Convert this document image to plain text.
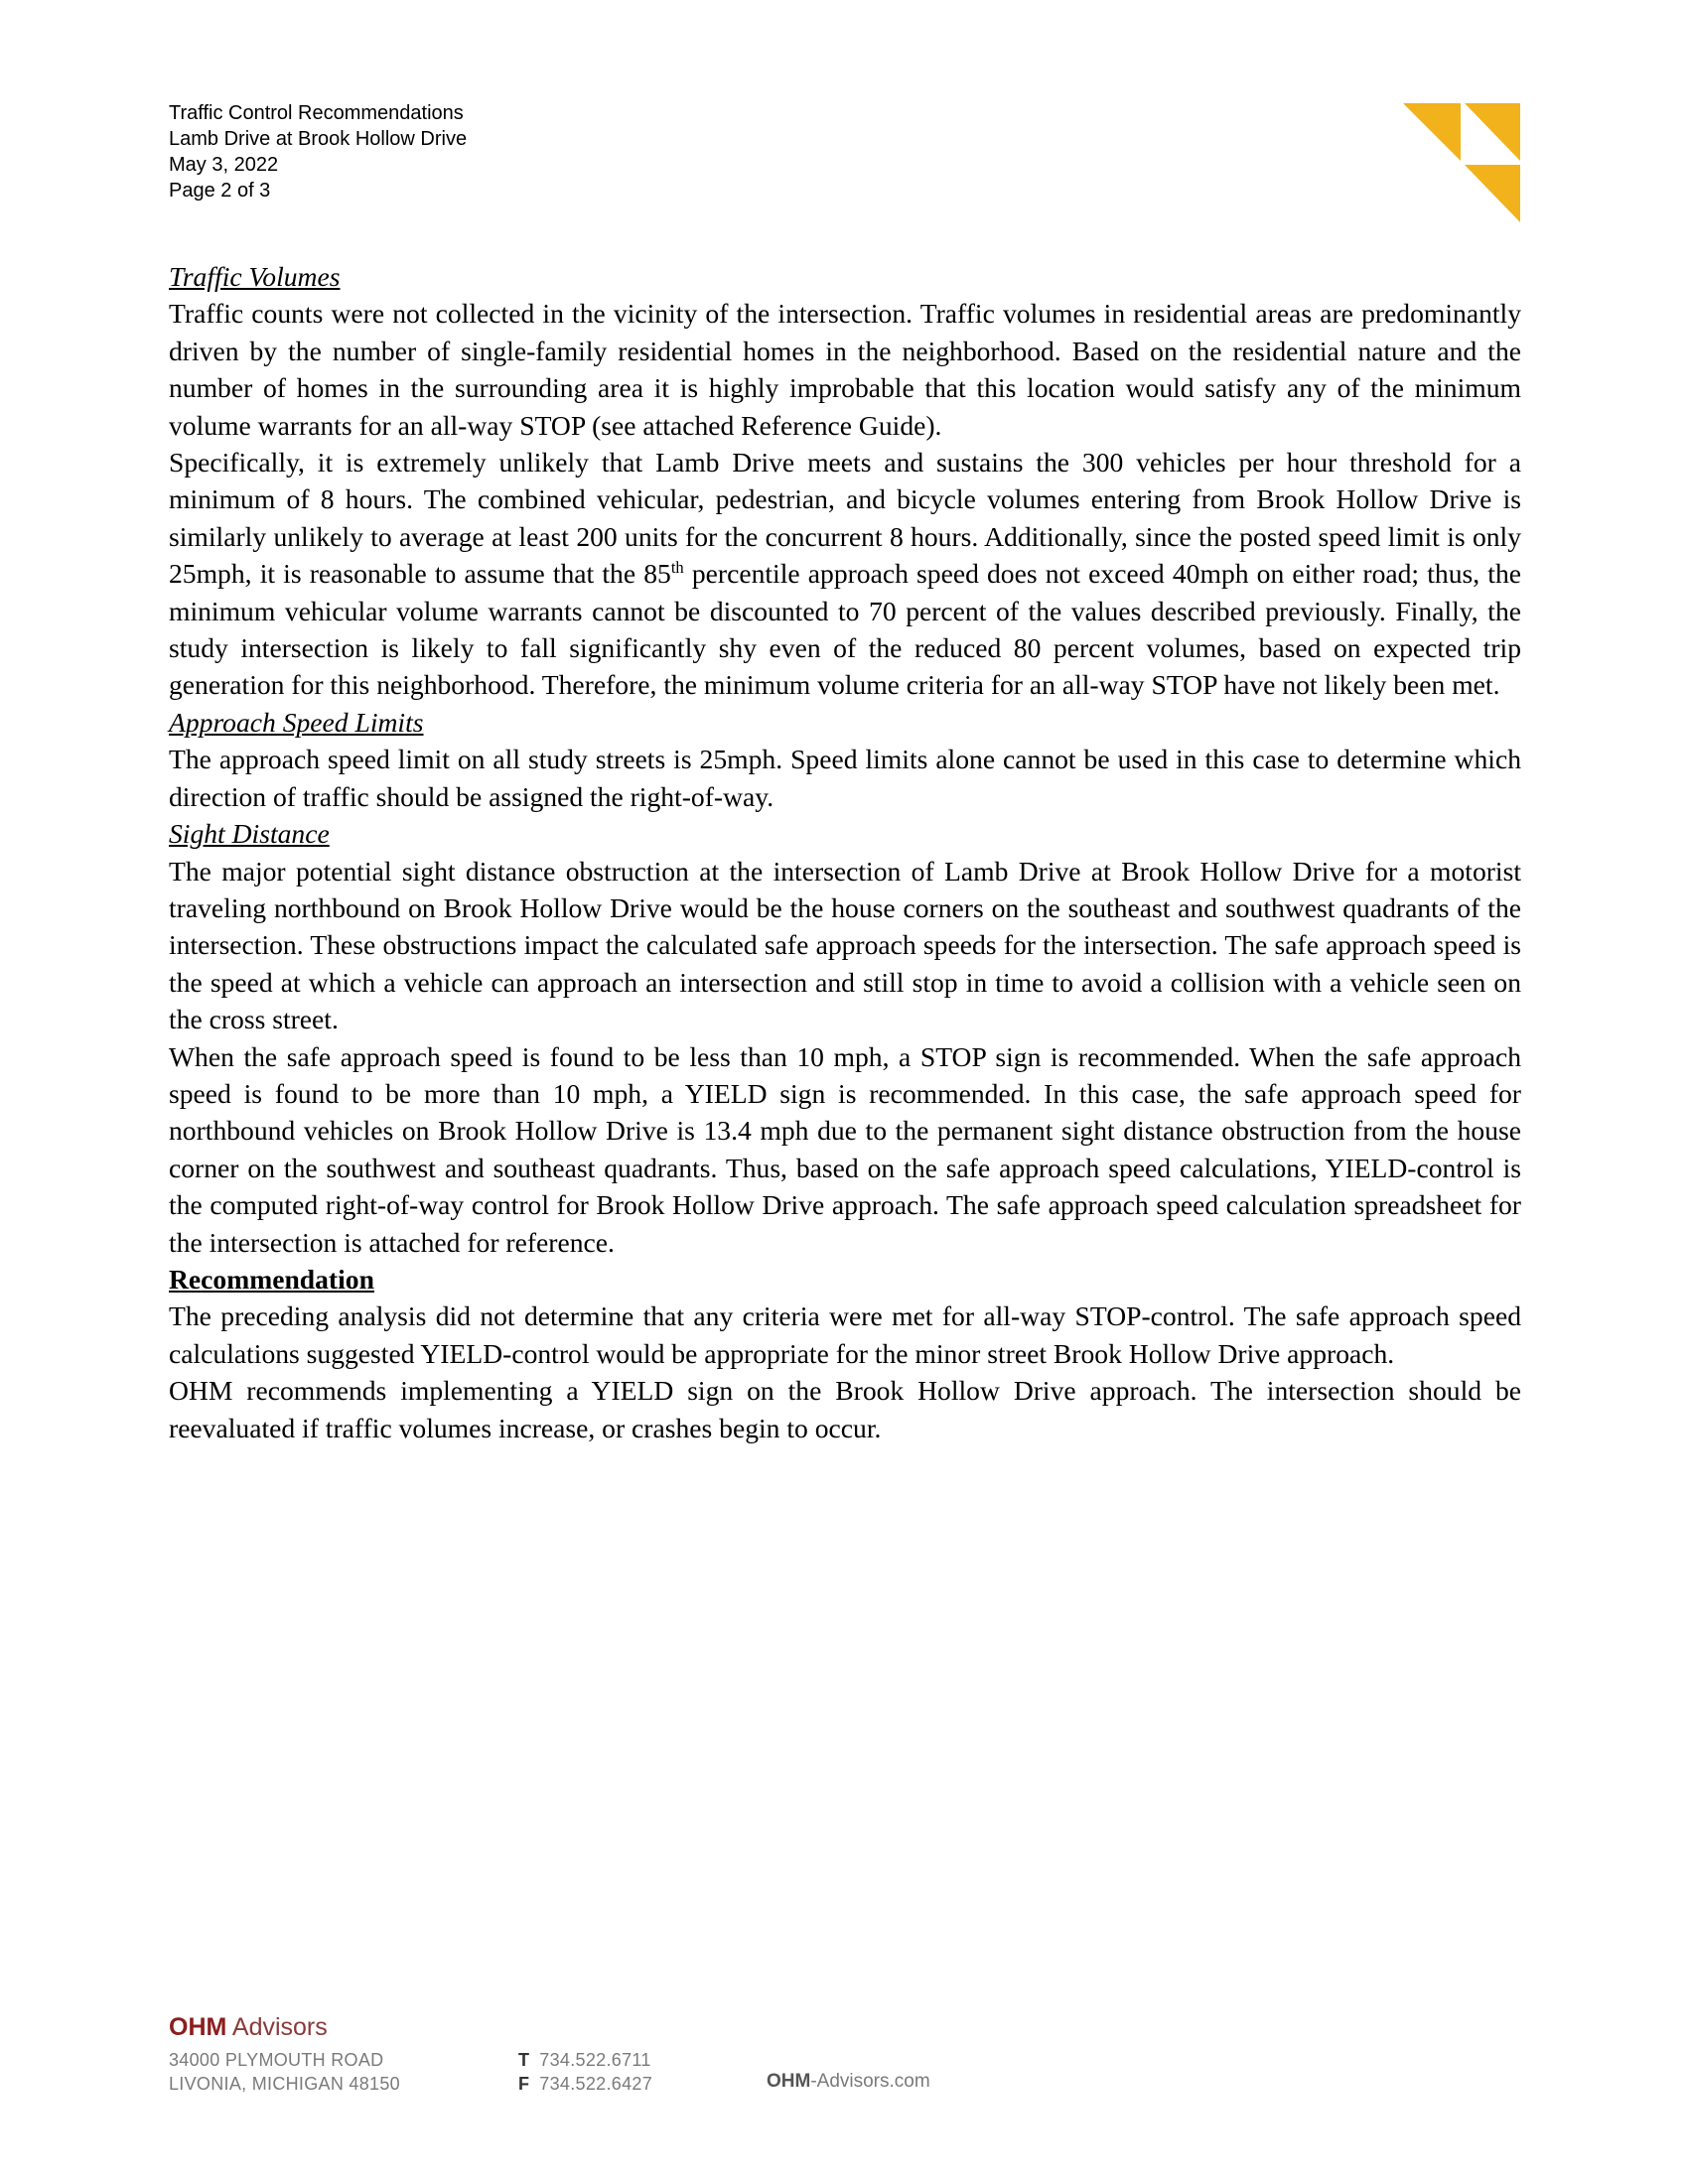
Traffic Control Recommendations
Lamb Drive at Brook Hollow Drive
May 3, 2022
Page 2 of 3

Traffic Volumes
Traffic counts were not collected in the vicinity of the intersection. Traffic volumes in residential areas are predominantly driven by the number of single-family residential homes in the neighborhood. Based on the residential nature and the number of homes in the surrounding area it is highly improbable that this location would satisfy any of the minimum volume warrants for an all-way STOP (see attached Reference Guide).

Specifically, it is extremely unlikely that Lamb Drive meets and sustains the 300 vehicles per hour threshold for a minimum of 8 hours. The combined vehicular, pedestrian, and bicycle volumes entering from Brook Hollow Drive is similarly unlikely to average at least 200 units for the concurrent 8 hours. Additionally, since the posted speed limit is only 25mph, it is reasonable to assume that the 85th percentile approach speed does not exceed 40mph on either road; thus, the minimum vehicular volume warrants cannot be discounted to 70 percent of the values described previously. Finally, the study intersection is likely to fall significantly shy even of the reduced 80 percent volumes, based on expected trip generation for this neighborhood. Therefore, the minimum volume criteria for an all-way STOP have not likely been met.

Approach Speed Limits
The approach speed limit on all study streets is 25mph. Speed limits alone cannot be used in this case to determine which direction of traffic should be assigned the right-of-way.

Sight Distance
The major potential sight distance obstruction at the intersection of Lamb Drive at Brook Hollow Drive for a motorist traveling northbound on Brook Hollow Drive would be the house corners on the southeast and southwest quadrants of the intersection. These obstructions impact the calculated safe approach speeds for the intersection. The safe approach speed is the speed at which a vehicle can approach an intersection and still stop in time to avoid a collision with a vehicle seen on the cross street.

When the safe approach speed is found to be less than 10 mph, a STOP sign is recommended. When the safe approach speed is found to be more than 10 mph, a YIELD sign is recommended. In this case, the safe approach speed for northbound vehicles on Brook Hollow Drive is 13.4 mph due to the permanent sight distance obstruction from the house corner on the southwest and southeast quadrants. Thus, based on the safe approach speed calculations, YIELD-control is the computed right-of-way control for Brook Hollow Drive approach. The safe approach speed calculation spreadsheet for the intersection is attached for reference.

Recommendation
The preceding analysis did not determine that any criteria were met for all-way STOP-control. The safe approach speed calculations suggested YIELD-control would be appropriate for the minor street Brook Hollow Drive approach.

OHM recommends implementing a YIELD sign on the Brook Hollow Drive approach. The intersection should be reevaluated if traffic volumes increase, or crashes begin to occur.

OHM Advisors
34000 PLYMOUTH ROAD
LIVONIA, MICHIGAN 48150
T 734.522.6711
F 734.522.6427	OHM-Advisors.com
